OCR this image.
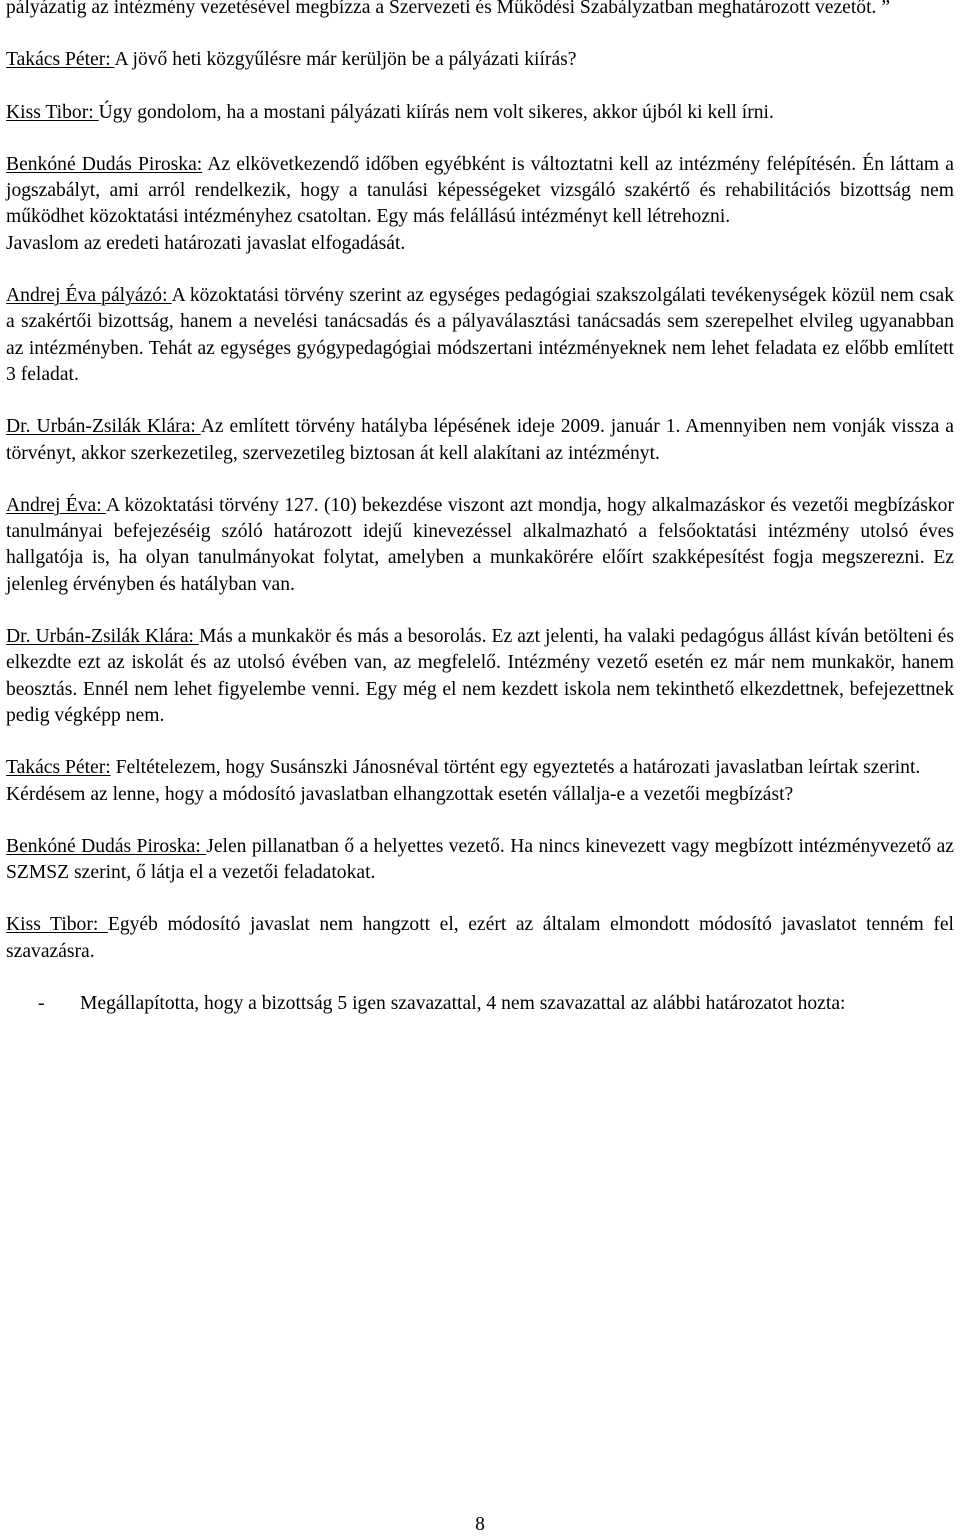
pályázatig az intézmény vezetésével megbízza a Szervezeti és Működési Szabályzatban meghatározott vezetőt. ”

Takács Péter: A jövő heti közgyűlésre már kerüljön be a pályázati kiírás?

Kiss Tibor: Úgy gondolom, ha a mostani pályázati kiírás nem volt sikeres, akkor újból ki kell írni.

Benkóné Dudás Piroska: Az elkövetkezendő időben egyébként is változtatni kell az intézmény felépítésén. Én láttam a jogszabályt, ami arról rendelkezik, hogy a tanulási képességeket vizsgáló szakértő és rehabilitációs bizottság nem működhet közoktatási intézményhez csatoltan. Egy más felállású intézményt kell létrehozni.

Javaslom az eredeti határozati javaslat elfogadását.

Andrej Éva pályázó: A közoktatási törvény szerint az egységes pedagógiai szakszolgálati tevékenységek közül nem csak a szakértői bizottság, hanem a nevelési tanácsadás és a pályaválasztási tanácsadás sem szerepelhet elvileg ugyanabban az intézményben. Tehát az egységes gyógypedagógiai módszertani intézményeknek nem lehet feladata ez előbb említett 3 feladat.

Dr. Urbán-Zsilák Klára: Az említett törvény hatályba lépésének ideje 2009. január 1. Amennyiben nem vonják vissza a törvényt, akkor szerkezetileg, szervezetileg biztosan át kell alakítani az intézményt.

Andrej Éva: A közoktatási törvény 127. (10) bekezdése viszont azt mondja, hogy alkalmazáskor és vezetői megbízáskor tanulmányai befejezéséig szóló határozott idejű kinevezéssel alkalmazható a felsőoktatási intézmény utolsó éves hallgatója is, ha olyan tanulmányokat folytat, amelyben a munkakörére előírt szakképesítést fogja megszerezni. Ez jelenleg érvényben és hatályban van.

Dr. Urbán-Zsilák Klára: Más a munkakör és más a besorolás. Ez azt jelenti, ha valaki pedagógus állást kíván betölteni és elkezdte ezt az iskolát és az utolsó évében van, az megfelelő. Intézmény vezető esetén ez már nem munkakör, hanem beosztás. Ennél nem lehet figyelembe venni. Egy még el nem kezdett iskola nem tekinthető elkezdettnek, befejezettnek pedig végképp nem.

Takács Péter: Feltételezem, hogy Susánszki Jánosnéval történt egy egyeztetés a határozati javaslatban leírtak szerint.

Kérdésem az lenne, hogy a módosító javaslatban elhangzottak esetén vállalja-e a vezetői megbízást?

Benkóné Dudás Piroska: Jelen pillanatban ő a helyettes vezető. Ha nincs kinevezett vagy megbízott intézményvezető az SZMSZ szerint, ő látja el a vezetői feladatokat.

Kiss Tibor: Egyéb módosító javaslat nem hangzott el, ezért az általam elmondott módosító javaslatot tenném fel szavazásra.

-	Megállapította, hogy a bizottság 5 igen szavazattal, 4 nem szavazattal az alábbi határozatot hozta:
8
